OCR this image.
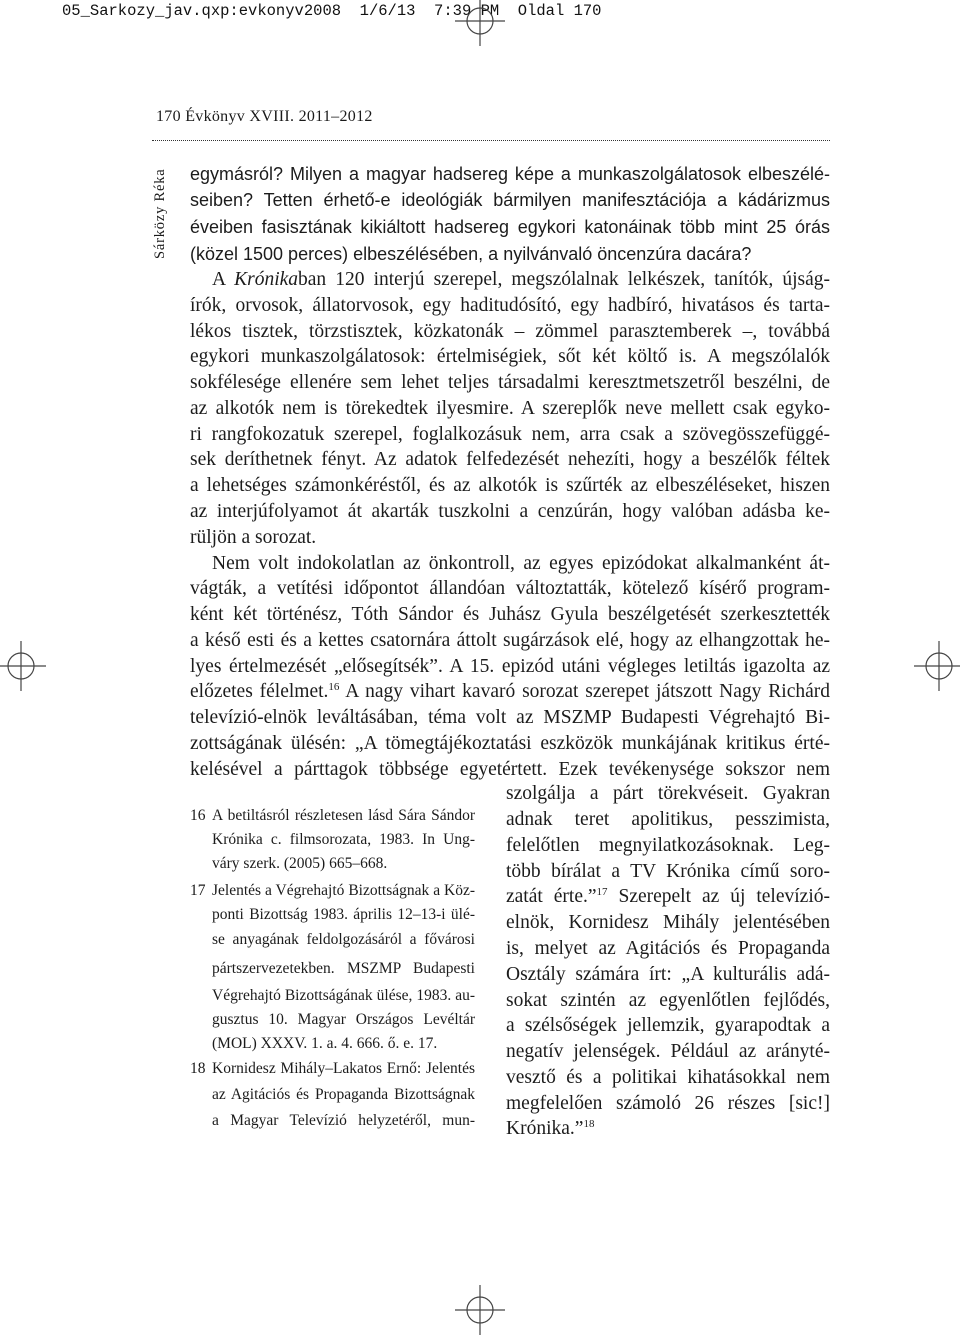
05_Sarkozy_jav.qxp:evkonyv2008  1/6/13  7:39 PM  Oldal 170
170 Évkönyv XVIII. 2011–2012
Sárközy Réka egymásról? Milyen a magyar hadsereg képe a munkaszolgálatosok elbeszélé-
seiben? Tetten érhető-e ideológiák bármilyen manifesztációja a kádárizmus
éveiben fasisztának kikiáltott hadsereg egykori katonáinak több mint 25 órás
(közel 1500 perces) elbeszélésében, a nyilvánvaló öncenzúra dacára?
A Krónikaban 120 interjú szerepel, megszólalnak lelkészek, tanítók, újság-
írók, orvosok, állatorvosok, egy haditudósító, egy hadbíró, hivatásos és tarta-
lékos tisztek, törzstisztek, közkatonák – zömmel parasztemberek –, továbbá
egykori munkaszolgálatosok: értelmiségiek, sőt két költő is. A megszólalók
sokfélesége ellenére sem lehet teljes társadalmi keresztmetszetről beszélni, de
az alkotók nem is törekedtek ilyesmire. A szereplők neve mellett csak egyko-
ri rangfokozatuk szerepel, foglalkozásuk nem, arra csak a szövegösszefüggé-
sek deríthetnek fényt. Az adatok felfedezését nehezíti, hogy a beszélők féltek
a lehetséges számonkéréstől, és az alkotók is szűrték az elbeszéléseket, hiszen
az interjúfolyamot át akarták tuszkolni a cenzúrán, hogy valóban adásba ke-
rüljön a sorozat.
Nem volt indokolatlan az önkontroll, az egyes epizódokat alkalmanként át-
vágták, a vetítési időpontot állandóan változtatták, kötelező kísérő program-
ként két történész, Tóth Sándor és Juhász Gyula beszélgetését szerkesztették
a késő esti és a kettes csatornára áttolt sugárzások elé, hogy az elhangzottak he-
lyes értelmezését „elősegítsék”. A 15. epizód utáni végleges letiltás igazolta az
előzetes félelmet.$^{16}$ A nagy vihart kavaró sorozat szerepet játszott Nagy Richárd
televízió-elnök leváltásában, téma volt az MSZMP Budapesti Végrehajtó Bi-
zottságának ülésén: „A tömegtájékoztatási eszközök munkájának kritikus érté-
kelésével a párttagok többsége egyetértett. Ezek tevékenysége sokszor nem
szolgálja a párt törekvéseit. Gyakran
adnak teret apolitikus, pesszimista,
felelőtlen megnyilatkozásoknak. Leg-
több bírálat a TV Krónika című soro-
zatát érte.”$^{17}$ Szerepelt az új televízió-
elnök, Kornidesz Mihály jelentésében
is, melyet az Agitációs és Propaganda
Osztály számára írt: „A kulturális adá-
sokat szintén az egyenlőtlen fejlődés,
a szélsőségek jellemzik, gyarapodtak a
negatív jelenségek. Például az arányté-
vesztő és a politikai kihatásokkal nem
megfelelően számoló 26 részes [sic!]
Krónika.”$^{18}$
16 A betiltásról részletesen lásd Sára Sándor
Krónika c. filmsorozata, 1983. In Ung-
váry szerk. (2005) 665–668.
17 Jelentés a Végrehajtó Bizottságnak a Köz-
ponti Bizottság 1983. április 12–13-i ülé-
se anyagának feldolgozásáról a fővárosi
pártszervezetekben. MSZMP Budapesti
Végrehajtó Bizottságának ülése, 1983. au-
gusztus 10. Magyar Országos Levéltár
(MOL) XXXV. 1. a. 4. 666. ő. e. 17.
18 Kornidesz Mihály–Lakatos Ernő: Jelentés
az Agitációs és Propaganda Bizottságnak
a Magyar Televízió helyzetéről, mun-
